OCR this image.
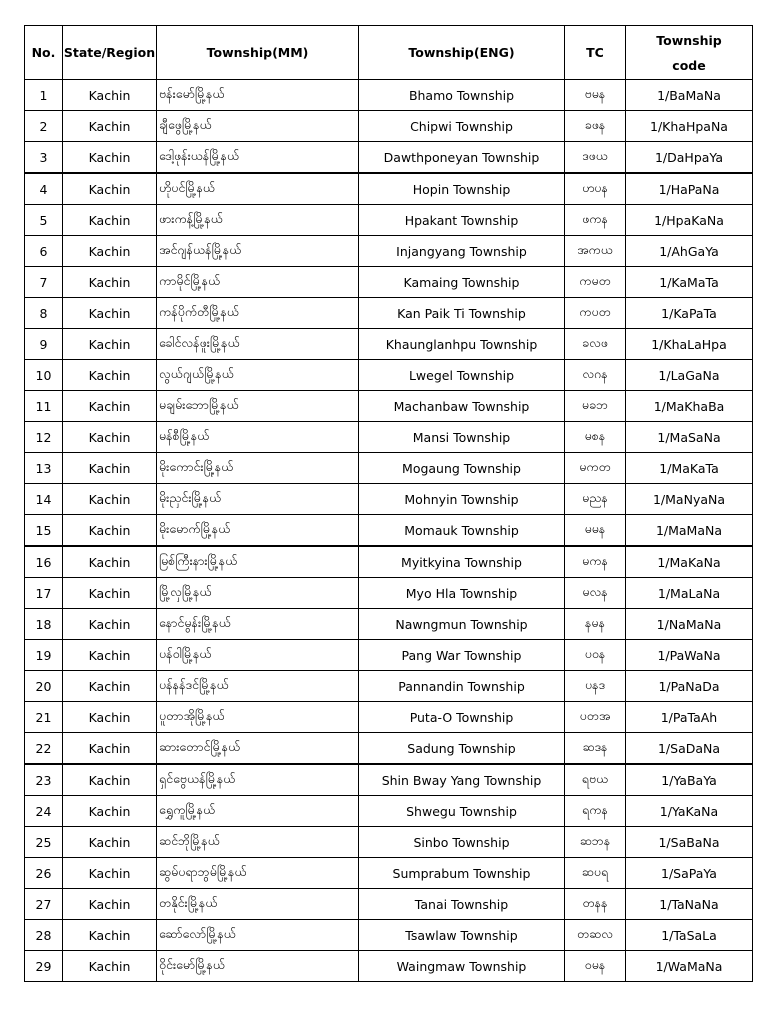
No.	State/Region	Township(MM)	Township(ENG)	TC	Township
code

1	Kachin	ဗန်းမော်မြို့နယ်	Bhamo Township	ဗမန	1/BaMaNa
2	Kachin	ချီဖွေမြို့နယ်	Chipwi Township	ခဖန	1/KhaHpaNa
3	Kachin	ဒေါ့ဖုန်းယန်မြို့နယ်	Dawthponeyan Township	ဒဖယ	1/DaHpaYa
4	Kachin	ဟိုပင်မြို့နယ်	Hopin Township	ဟပန	1/HaPaNa
5	Kachin	ဖားကန့်မြို့နယ်	Hpakant Township	ဖကန	1/HpaKaNa
6	Kachin	အင်ဂျန်ယန်မြို့နယ်	Injangyang Township	အကယ	1/AhGaYa
7	Kachin	ကာမိုင်မြို့နယ်	Kamaing Township	ကမတ	1/KaMaTa
8	Kachin	ကန်ပိုက်တီမြို့နယ်	Kan Paik Ti Township	ကပတ	1/KaPaTa
9	Kachin	ခေါင်လန်ဖူးမြို့နယ်	Khaunglanhpu Township	ခလဖ	1/KhaLaHpa
10	Kachin	လွယ်ဂျယ်မြို့နယ်	Lwegel Township	လဂန	1/LaGaNa
11	Kachin	မချမ်းဘောမြို့နယ်	Machanbaw Township	မခဘ	1/MaKhaBa
12	Kachin	မန်စီမြို့နယ်	Mansi Township	မစန	1/MaSaNa
13	Kachin	မိုးကောင်းမြို့နယ်	Mogaung Township	မကတ	1/MaKaTa
14	Kachin	မိုးညှင်းမြို့နယ်	Mohnyin Township	မညန	1/MaNyaNa
15	Kachin	မိုးမောက်မြို့နယ်	Momauk Township	မမန	1/MaMaNa
16	Kachin	မြစ်ကြီးနားမြို့နယ်	Myitkyina Township	မကန	1/MaKaNa
17	Kachin	မြို့လှမြို့နယ်	Myo Hla Township	မလန	1/MaLaNa
18	Kachin	နောင်မွန်းမြို့နယ်	Nawngmun Township	နမန	1/NaMaNa
19	Kachin	ပန်ဝါမြို့နယ်	Pang War Township	ပဝန	1/PaWaNa
20	Kachin	ပန်နန်ဒင်မြို့နယ်	Pannandin Township	ပနဒ	1/PaNaDa
21	Kachin	ပူတာအိုမြို့နယ်	Puta-O Township	ပတအ	1/PaTaAh
22	Kachin	ဆားတောင်မြို့နယ်	Sadung Township	ဆဒန	1/SaDaNa
23	Kachin	ရှင်ဗွေယန်မြို့နယ်	Shin Bway Yang Township	ရဗယ	1/YaBaYa
24	Kachin	ရွှေကူမြို့နယ်	Shwegu Township	ရကန	1/YaKaNa
25	Kachin	ဆင်ဘိုမြို့နယ်	Sinbo Township	ဆဘန	1/SaBaNa
26	Kachin	ဆွမ်ပရာဘွမ်မြို့နယ်	Sumprabum Township	ဆပရ	1/SaPaYa
27	Kachin	တနိုင်းမြို့နယ်	Tanai Township	တနန	1/TaNaNa
28	Kachin	ဆော်လော်မြို့နယ်	Tsawlaw Township	တဆလ	1/TaSaLa
29	Kachin	ဝိုင်းမော်မြို့နယ်	Waingmaw Township	ဝမန	1/WaMaNa
